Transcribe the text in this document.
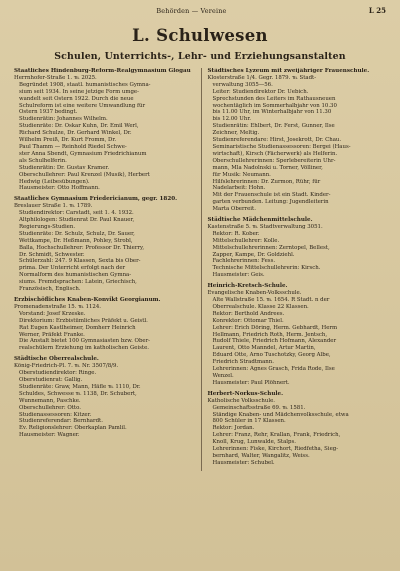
Behörden — Vereine	L 25
L. Schulwesen
Schulen, Unterrichts-, Lehr- und Erziehungsanstalten
Staatliches Hindenburg-Reform-Realgymnasium Glogau
Herrnhofer-Straße 1. ℡ 2025.
Begründet 1908, staatl. humanistisches Gymna-
sium seit 1934. In seine jetzige Form umge-
wandelt seit Ostern 1922. Durch die neue
Schulreform ist eine weitere Umwandlung für
Ostern 1937 bedingt.
Studienrätin: Johannes Wilhelm.
Studienräte: Dr. Oskar Kuhn, Dr. Emil Werl,
Richard Schulze, Dr. Gerhard Winkel, Dr.
Wilhelm Preiß, Dr. Kurt Fromm, Dr.
Paul Thamm — Reinhold Riedel Schwe-
ster Anna Sbendt, Gymnasium Friedrichianum
als Schulhelferin.
Studienrätin: Dr. Gustav Kramer.
Oberschullehrer: Paul Krenzel (Musik), Herbert
Hedwig (Leibesübungen).
Hausmeister: Otto Hoffmann.
Staatliches Gymnasium Friedericianum, gegr. 1820.
Breslauer Straße 1. ℡ 1789.
Studiendirektor: Carstadt, seit 1. 4. 1932.
Altphilologen: Studienrat Dr. Paul Knauer,
Regierungs-Studien.
Studienräte: Dr. Schulz, Schulz, Dr. Sauer,
Wettkampe, Dr. Heßmann, Pohley, Strobl,
Balla, Hochschullehrer: Professor Dr. Thierry,
Dr. Schmidt, Schwester.
Schülerzahl: 247. 9 Klassen, Sexta bis Ober-
prima. Der Unterricht erfolgt nach der
Normalform des humanistischen Gymna-
siums. Fremdsprachen: Latein, Griechisch,
Französisch, Englisch.
Erzbischöfliches Knaben-Konvikt Georgianum.
Promenadenstraße 15. ℡ 1124.
Vorstand: Josef Krzeske.
Direktorium: Erzbistümliches Präfekt u. Geistl.
Rat Eugen Kastlheimer, Domherr Heinrich
Werner, Präfekt Franke.
Die Anstalt bietet 100 Gymnasiasten bzw. Ober-
realschülern Erziehung im katholischen Geiste.
Städtische Oberrealschule.
König-Friedrich-Pl. 7. ℡ Nr. 3507/8/9.
Oberstudiendirektor: Ringe.
Oberstudienrat: Gallig.
Studienräte: Graw, Mann, Häfle ℡ 1110, Dr.
Schuldes, Schwesse ℡ 1138, Dr. Schubert,
Wunnemann, Paschke.
Oberschullehrer: Otto.
Studienassessoren: Kitzer.
Studienreferendar: Bernhardt.
Ev. Religionslehrer: Oberkaplan Pamlil.
Hausmeister: Wagner.
Städtisches Lyzeum mit zweijähriger Frauenschule.
Klosterstraße 1/4. Gegr. 1879. ℡ Stadt-
verwaltung 3055—56.
Leiter: Studiendirektor Dr. Uebich.
Sprechstunden des Leiters im Rathausneuen
wochentäglich im Sommerhalbjahr von 10.30
bis 11.00 Uhr, im Winterhalbjahr von 11.30
bis 12.00 Uhr.
Studienrätin: Ehlbert, Dr. Ferst, Gunner, Ilse
Zeichner, Meltig.
Studienreferendare: Hirst, Josekrott, Dr. Chau.
Seminaristische Studienassessoren: Bergei (Haus-
wirtschaft), Kirsch (Fächerwerk) als Helferin.
Oberschullehrerinnen: Sperlebereiterin Uhr-
mann, Mla Nadolnski u. Torner, Völliner,
für Musik: Neumann.
Hilfslehrerinnen: Dr. Zurmon, Rühr, für
Nadelarbeit: Hohn.
Mit der Frauenschule ist ein Stadt. Kinder-
garten verbunden. Leitung: Jugendleiterin
Marta Oberreit.
Städtische Mädchenmittelschule.
Kastenstraße 5. ℡ Stadtverwaltung 3051.
Rektor: R. Kober.
Mittelschullehrer: Kolle.
Mittelschullehrerinnen: Zerntopel, Bellest,
Zapper, Kampe, Dr. Goldziehl.
Fachlehrerinnen: Fess.
Technische Mittelschullehrerin: Kirsch.
Hausmeister: Geis.
Heinrich-Kretsch-Schule.
Evangelische Knaben-Volksschule.
Alte Wallstraße 15. ℡ 1654. R Stadt. n der
Oberrealschule. Klasse 22 Klassen.
Rektor: Berthold Andrees.
Konrektor: Ottomar Thiel.
Lehrer: Erich Döring, Herm. Gebhardt, Herm
Hellmann, Friedrich Roth, Herm. Jentsch,
Rudolf Thiele, Friedrich Hofmann, Alexander
Laurent, Otto Manndel, Artur Martin,
Eduard Otte, Arno Tuschotzky, Georg Albe,
Friedrich Stradtmann.
Lehrerinnen: Agnes Grasch, Frida Rode, Ilse
Wenzel.
Hausmeister: Paul Plöhnert.
Herbert-Norkus-Schule.
Katholische Volksschule.
Gemeinschaftsstraße 69. ℡ 1581.
Ständige Knaben- und Mädchenvolksschule, etwa
800 Schüler in 17 Klassen.
Rektor: Jordan.
Lehrer: Franz, Rehr, Krallan, Frank, Friedrich,
Knoll, Krug, Lunwalde, Stalps.
Lehrerinnen: Fiske, Kirchort, Riedfetha, Sieg-
bernhard, Walter, Wangalitz, Weiss.
Hausmeister: Schubel.
